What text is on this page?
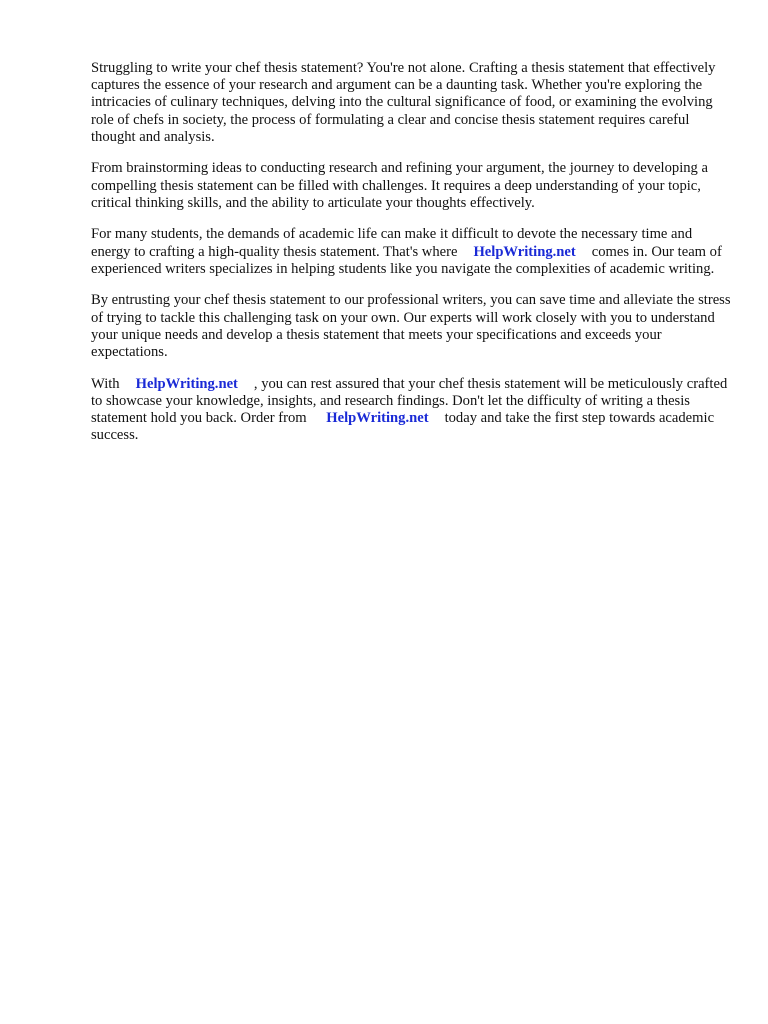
Struggling to write your chef thesis statement? You're not alone. Crafting a thesis statement that effectively captures the essence of your research and argument can be a daunting task. Whether you're exploring the intricacies of culinary techniques, delving into the cultural significance of food, or examining the evolving role of chefs in society, the process of formulating a clear and concise thesis statement requires careful thought and analysis.

From brainstorming ideas to conducting research and refining your argument, the journey to developing a compelling thesis statement can be filled with challenges. It requires a deep understanding of your topic, critical thinking skills, and the ability to articulate your thoughts effectively.

For many students, the demands of academic life can make it difficult to devote the necessary time and energy to crafting a high-quality thesis statement. That's where HelpWriting.net comes in. Our team of experienced writers specializes in helping students like you navigate the complexities of academic writing.

By entrusting your chef thesis statement to our professional writers, you can save time and alleviate the stress of trying to tackle this challenging task on your own. Our experts will work closely with you to understand your unique needs and develop a thesis statement that meets your specifications and exceeds your expectations.

With HelpWriting.net , you can rest assured that your chef thesis statement will be meticulously crafted to showcase your knowledge, insights, and research findings. Don't let the difficulty of writing a thesis statement hold you back. Order from HelpWriting.net today and take the first step towards academic success.
